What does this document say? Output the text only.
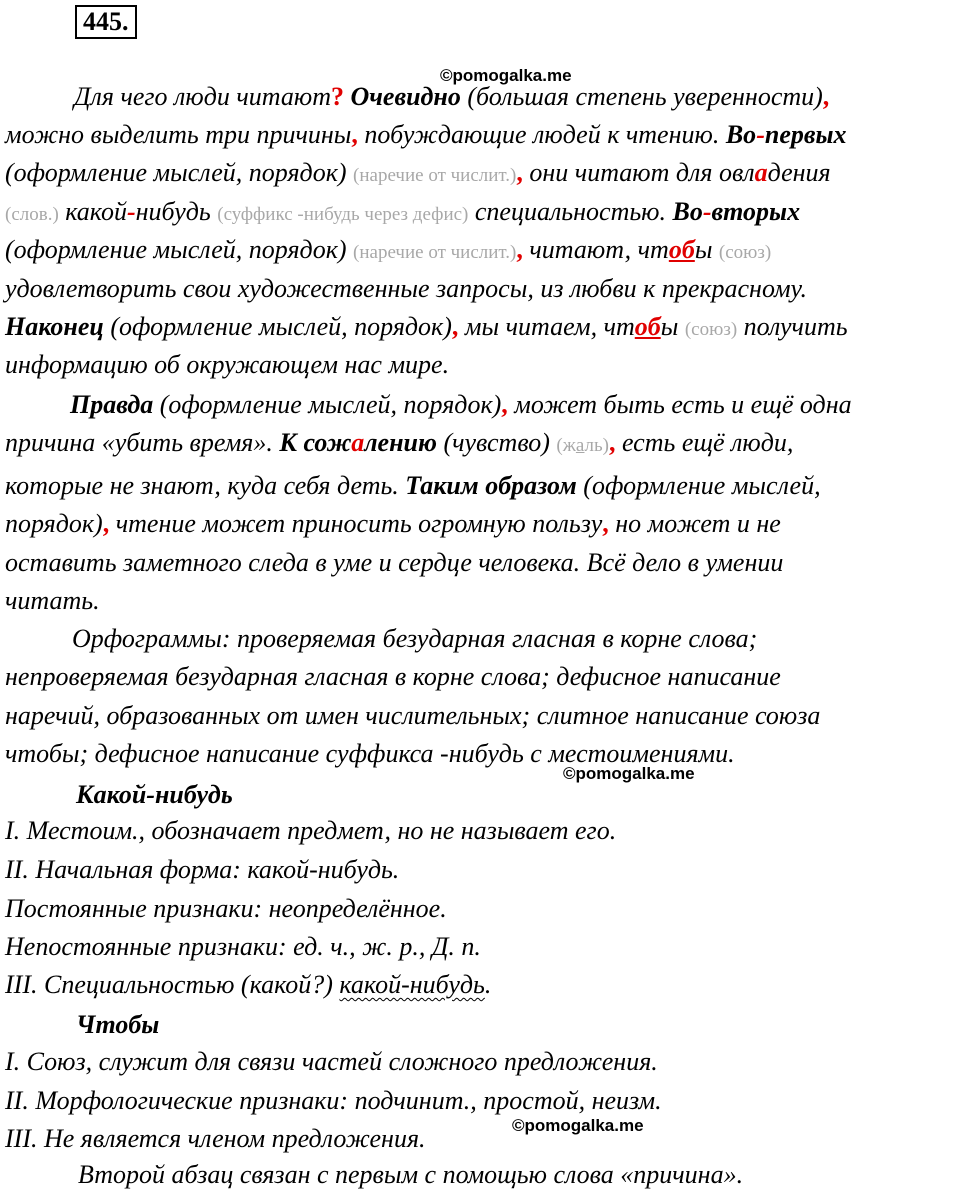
445.
©pomogalka.me
©pomogalka.me
©pomogalka.me
Для чего люди читают? Очевидно (большая степень уверенности),
можно выделить три причины, побуждающие людей к чтению. Во-первых
(оформление мыслей, порядок) (наречие от числит.), они читают для овладения
(слов.) какой-нибудь (суффикс -нибудь через дефис) специальностью. Во-вторых
(оформление мыслей, порядок) (наречие от числит.), читают, чтобы (союз)
удовлетворить свои художественные запросы, из любви к прекрасному.
Наконец (оформление мыслей, порядок), мы читаем, чтобы (союз) получить
информацию об окружающем нас мире.
Правда (оформление мыслей, порядок), может быть есть и ещё одна
причина «убить время». К сожалению (чувство) (жаль), есть ещё люди,
которые не знают, куда себя деть. Таким образом (оформление мыслей,
порядок), чтение может приносить огромную пользу, но может и не
оставить заметного следа в уме и сердце человека. Всё дело в умении
читать.
Орфограммы: проверяемая безударная гласная в корне слова;
непроверяемая безударная гласная в корне слова; дефисное написание
наречий, образованных от имен числительных; слитное написание союза
чтобы; дефисное написание суффикса -нибудь с местоимениями.
Какой-нибудь
I. Местоим., обозначает предмет, но не называет его.
II. Начальная форма: какой-нибудь.
Постоянные признаки: неопределённое.
Непостоянные признаки: ед. ч., ж. р., Д. п.
III. Специальностью (какой?) какой-нибудь.
Чтобы
I. Союз, служит для связи частей сложного предложения.
II. Морфологические признаки: подчинит., простой, неизм.
III. Не является членом предложения.
Второй абзац связан с первым с помощью слова «причина».
